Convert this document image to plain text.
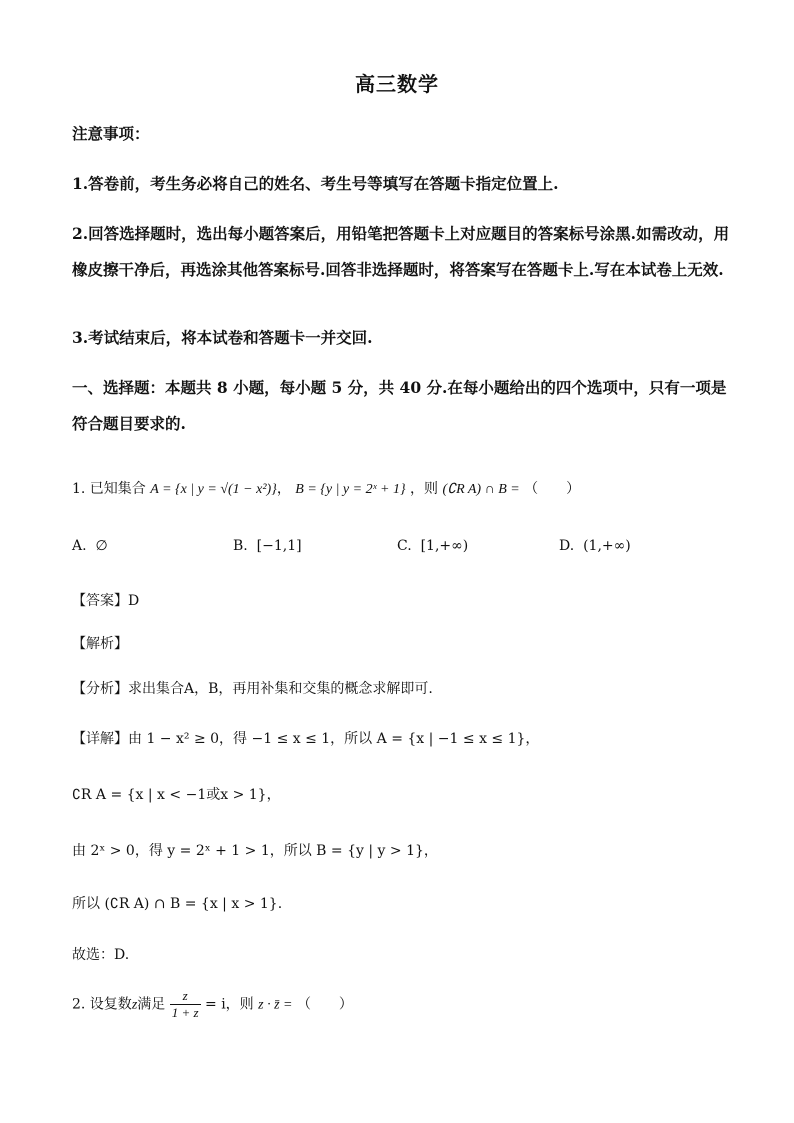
高三数学
注意事项：
1.答卷前，考生务必将自己的姓名、考生号等填写在答题卡指定位置上.
2.回答选择题时，选出每小题答案后，用铅笔把答题卡上对应题目的答案标号涂黑.如需改动，用橡皮擦干净后，再选涂其他答案标号.回答非选择题时，将答案写在答题卡上.写在本试卷上无效.
3.考试结束后，将本试卷和答题卡一并交回.
一、选择题：本题共 8 小题，每小题 5 分，共 40 分.在每小题给出的四个选项中，只有一项是符合题目要求的.
1. 已知集合 A = {x | y = √(1 − x²)}， B = {y | y = 2ˣ + 1} ，则 (∁R A) ∩ B = （　　）
A. ∅	B. [−1,1]	C. [1,+∞)	D. (1,+∞)
【答案】D
【解析】
【分析】求出集合A，B，再用补集和交集的概念求解即可.
【详解】由 1 − x² ≥ 0，得 −1 ≤ x ≤ 1，所以 A = {x | −1 ≤ x ≤ 1}，
∁R A = {x | x < −1或x > 1}，
由 2ˣ > 0，得 y = 2ˣ + 1 > 1，所以 B = {y | y > 1}，
所以 (∁R A) ∩ B = {x | x > 1}.
故选：D.
2. 设复数z满足 $\frac{z}{1 + z} = i$，则 z · z̄ = （　　）
